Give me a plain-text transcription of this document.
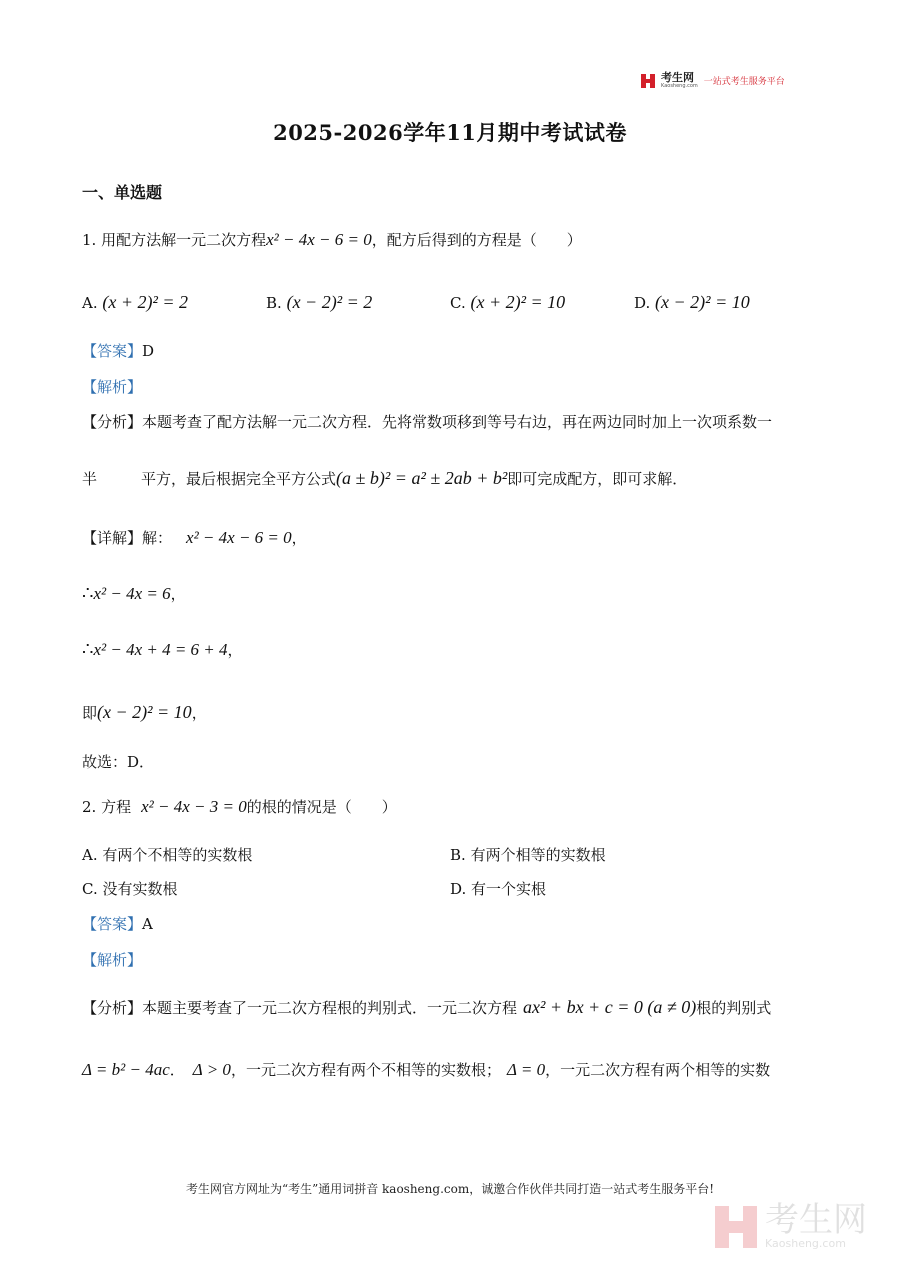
考生网
Kaosheng.com 一站式考生服务平台
2025-2026学年11月期中考试试卷
一、单选题
1. 用配方法解一元二次方程x² − 4x − 6 = 0，配方后得到的方程是（　　）
A. (x + 2)² = 2	B. (x − 2)² = 2	C. (x + 2)² = 10	D. (x − 2)² = 10
【答案】D
【解析】
【分析】本题考查了配方法解一元二次方程．先将常数项移到等号右边，再在两边同时加上一次项系数一
半	平方，最后根据完全平方公式(a ± b)² = a² ± 2ab + b²即可完成配方，即可求解．
【详解】解： x² − 4x − 6 = 0，
∴x² − 4x = 6，
∴x² − 4x + 4 = 6 + 4，
即(x − 2)² = 10，
故选：D．
2. 方程 x² − 4x − 3 = 0的根的情况是（　　）
A. 有两个不相等的实数根	B. 有两个相等的实数根
C. 没有实数根	D. 有一个实根
【答案】A
【解析】
【分析】本题主要考查了一元二次方程根的判别式．一元二次方程 ax² + bx + c = 0 (a ≠ 0)根的判别式
Δ = b² − 4ac． Δ > 0，一元二次方程有两个不相等的实数根； Δ = 0，一元二次方程有两个相等的实数
考生网官方网址为“考生”通用词拼音 kaosheng.com，诚邀合作伙伴共同打造一站式考生服务平台!
考生网
Kaosheng.com
